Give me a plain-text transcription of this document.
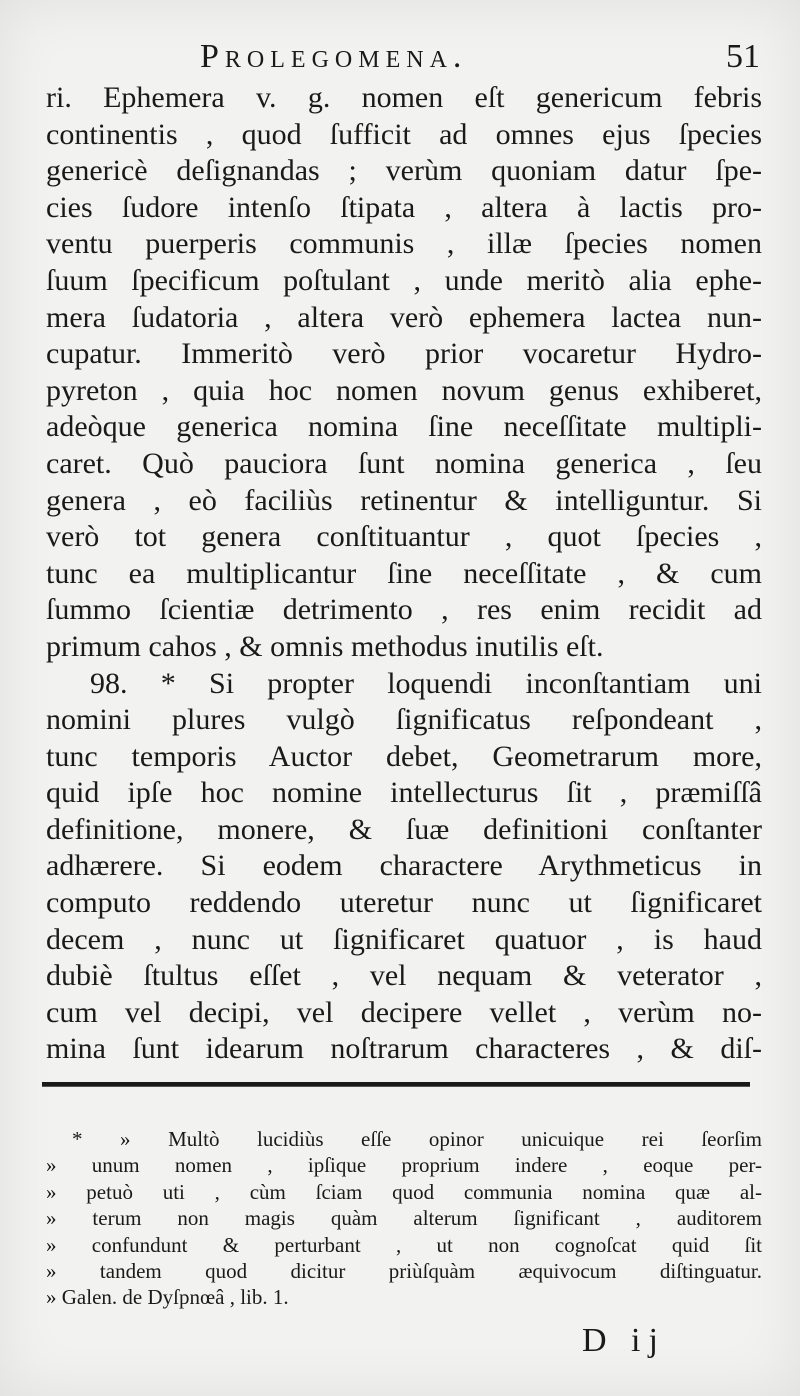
Prolegomena.	51
ri. Ephemera v. g. nomen eſt genericum febris
continentis , quod ſufficit ad omnes ejus ſpecies
genericè deſignandas ; verùm quoniam datur ſpe-
cies ſudore intenſo ſtipata , altera à lactis pro-
ventu puerperis communis , illæ ſpecies nomen
ſuum ſpecificum poſtulant , unde meritò alia ephe-
mera ſudatoria , altera verò ephemera lactea nun-
cupatur. Immeritò verò prior vocaretur Hydro-
pyreton , quia hoc nomen novum genus exhiberet,
adeòque generica nomina ſine neceſſitate multipli-
caret. Quò pauciora ſunt nomina generica , ſeu
genera , eò faciliùs retinentur & intelliguntur. Si
verò tot genera conſtituantur , quot ſpecies ,
tunc ea multiplicantur ſine neceſſitate , & cum
ſummo ſcientiæ detrimento , res enim recidit ad
primum cahos , & omnis methodus inutilis eſt.
98. * Si propter loquendi inconſtantiam uni
nomini plures vulgò ſignificatus reſpondeant ,
tunc temporis Auctor debet, Geometrarum more,
quid ipſe hoc nomine intellecturus ſit , præmiſſâ
definitione, monere, & ſuæ definitioni conſtanter
adhærere. Si eodem charactere Arythmeticus in
computo reddendo uteretur nunc ut ſignificaret
decem , nunc ut ſignificaret quatuor , is haud
dubiè ſtultus eſſet , vel nequam & veterator ,
cum vel decipi, vel decipere vellet , verùm no-
mina ſunt idearum noſtrarum characteres , & diſ-
* » Multò lucidiùs eſſe opinor unicuique rei ſeorſim
» unum nomen , ipſique proprium indere , eoque per-
» petuò uti , cùm ſciam quod communia nomina quæ al-
» terum non magis quàm alterum ſignificant , auditorem
» confundunt & perturbant , ut non cognoſcat quid ſit
» tandem quod dicitur priùſquàm æquivocum diſtinguatur.
» Galen. de Dyſpnœâ , lib. 1.
D ij
